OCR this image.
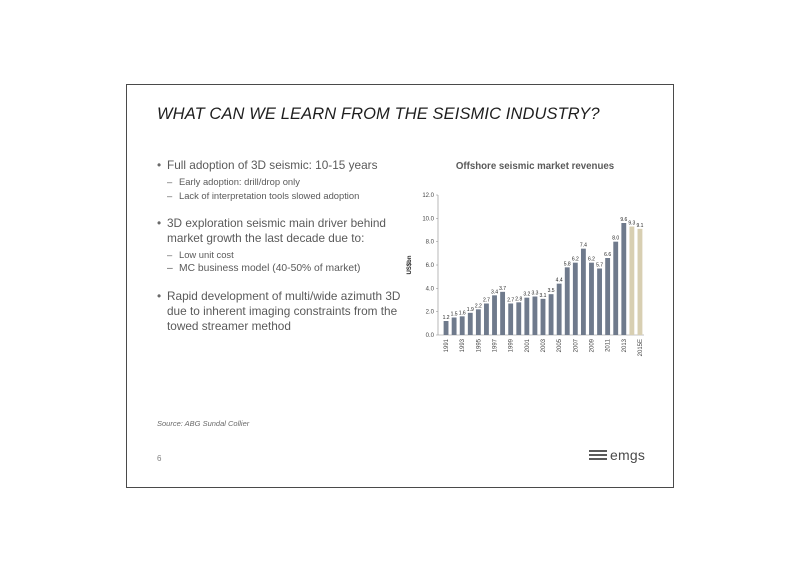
WHAT CAN WE LEARN FROM THE SEISMIC INDUSTRY?
• Full adoption of 3D seismic: 10-15 years
– Early adoption: drill/drop only
– Lack of interpretation tools slowed adoption
• 3D exploration seismic main driver behind market growth the last decade due to:
– Low unit cost
– MC business model (40-50% of market)
• Rapid development of multi/wide azimuth 3D due to inherent imaging constraints from the towed streamer method
Offshore seismic market revenues
0.0
2.0
4.0
6.0
8.0
10.0
12.0
US$bn
1.2
1991
1.5 1.6
1993
1.9
2.2
1995
2.7
3.4
1997
3.7
2.7
1999
2.8
3.2
2001
3.3 3.1
2003
3.5
4.4
2005
5.8
6.2
2007
7.4
6.2
2009
5.7
6.6
2011
8.0
9.6
2013
9.3 9.1
2015E
Source: ABG Sundal Collier
6	emgs
